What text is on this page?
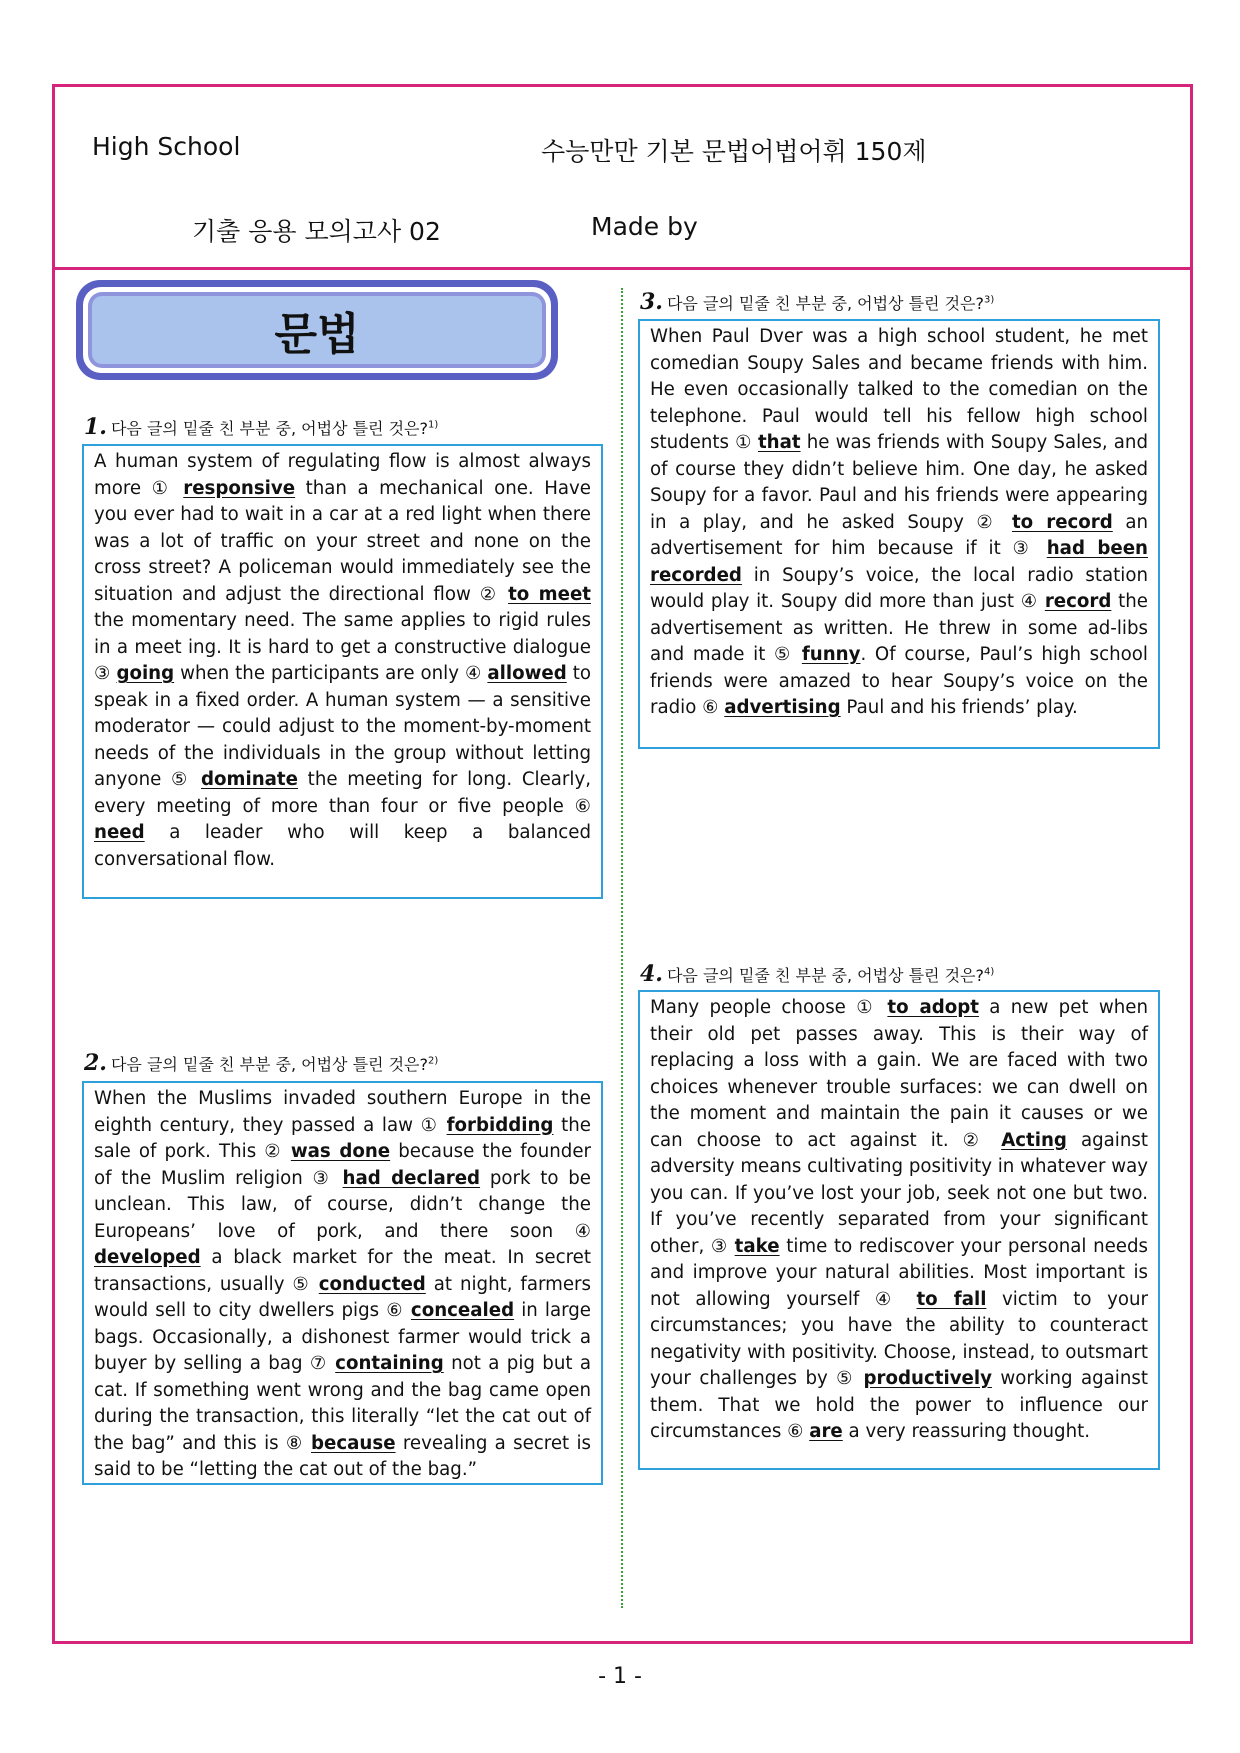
High School	수능만만 기본 문법어법어휘 150제
기출 응용 모의고사 02	Made by
문법
1. 다음 글의 밑줄 친 부분 중, 어법상 틀린 것은?$^{1)}$
A human system of regulating flow is almost always more ① responsive than a mechanical one. Have you ever had to wait in a car at a red light when there was a lot of traffic on your street and none on the cross street? A policeman would immediately see the situation and adjust the directional flow ② to meet the momentary need. The same applies to rigid rules in a meet ing. It is hard to get a constructive dialogue ③ going when the participants are only ④ allowed to speak in a fixed order. A human system — a sensitive moderator — could adjust to the moment-by-moment needs of the individuals in the group without letting anyone ⑤ dominate the meeting for long. Clearly, every meeting of more than four or five people ⑥ need a leader who will keep a balanced conversational flow.
2. 다음 글의 밑줄 친 부분 중, 어법상 틀린 것은?$^{2)}$
When the Muslims invaded southern Europe in the eighth century, they passed a law ① forbidding the sale of pork. This ② was done because the founder of the Muslim religion ③ had declared pork to be unclean. This law, of course, didn’t change the Europeans’ love of pork, and there soon ④ developed a black market for the meat. In secret transactions, usually ⑤ conducted at night, farmers would sell to city dwellers pigs ⑥ concealed in large bags. Occasionally, a dishonest farmer would trick a buyer by selling a bag ⑦ containing not a pig but a cat. If something went wrong and the bag came open during the transaction, this literally “let the cat out of the bag” and this is ⑧ because revealing a secret is said to be “letting the cat out of the bag.”
3. 다음 글의 밑줄 친 부분 중, 어법상 틀린 것은?$^{3)}$
When Paul Dver was a high school student, he met comedian Soupy Sales and became friends with him. He even occasionally talked to the comedian on the telephone. Paul would tell his fellow high school students ① that he was friends with Soupy Sales, and of course they didn’t believe him. One day, he asked Soupy for a favor. Paul and his friends were appearing in a play, and he asked Soupy ② to record an advertisement for him because if it ③ had been recorded in Soupy’s voice, the local radio station would play it. Soupy did more than just ④ record the advertisement as written. He threw in some ad-libs and made it ⑤ funny. Of course, Paul’s high school friends were amazed to hear Soupy’s voice on the radio ⑥ advertising Paul and his friends’ play.
4. 다음 글의 밑줄 친 부분 중, 어법상 틀린 것은?$^{4)}$
Many people choose ① to adopt a new pet when their old pet passes away. This is their way of replacing a loss with a gain. We are faced with two choices whenever trouble surfaces: we can dwell on the moment and maintain the pain it causes or we can choose to act against it. ② Acting against adversity means cultivating positivity in whatever way you can. If you’ve lost your job, seek not one but two. If you’ve recently separated from your significant other, ③ take time to rediscover your personal needs and improve your natural abilities. Most important is not allowing yourself ④ to fall victim to your circumstances; you have the ability to counteract negativity with positivity. Choose, instead, to outsmart your challenges by ⑤ productively working against them. That we hold the power to influence our circumstances ⑥ are a very reassuring thought.
- 1 -
